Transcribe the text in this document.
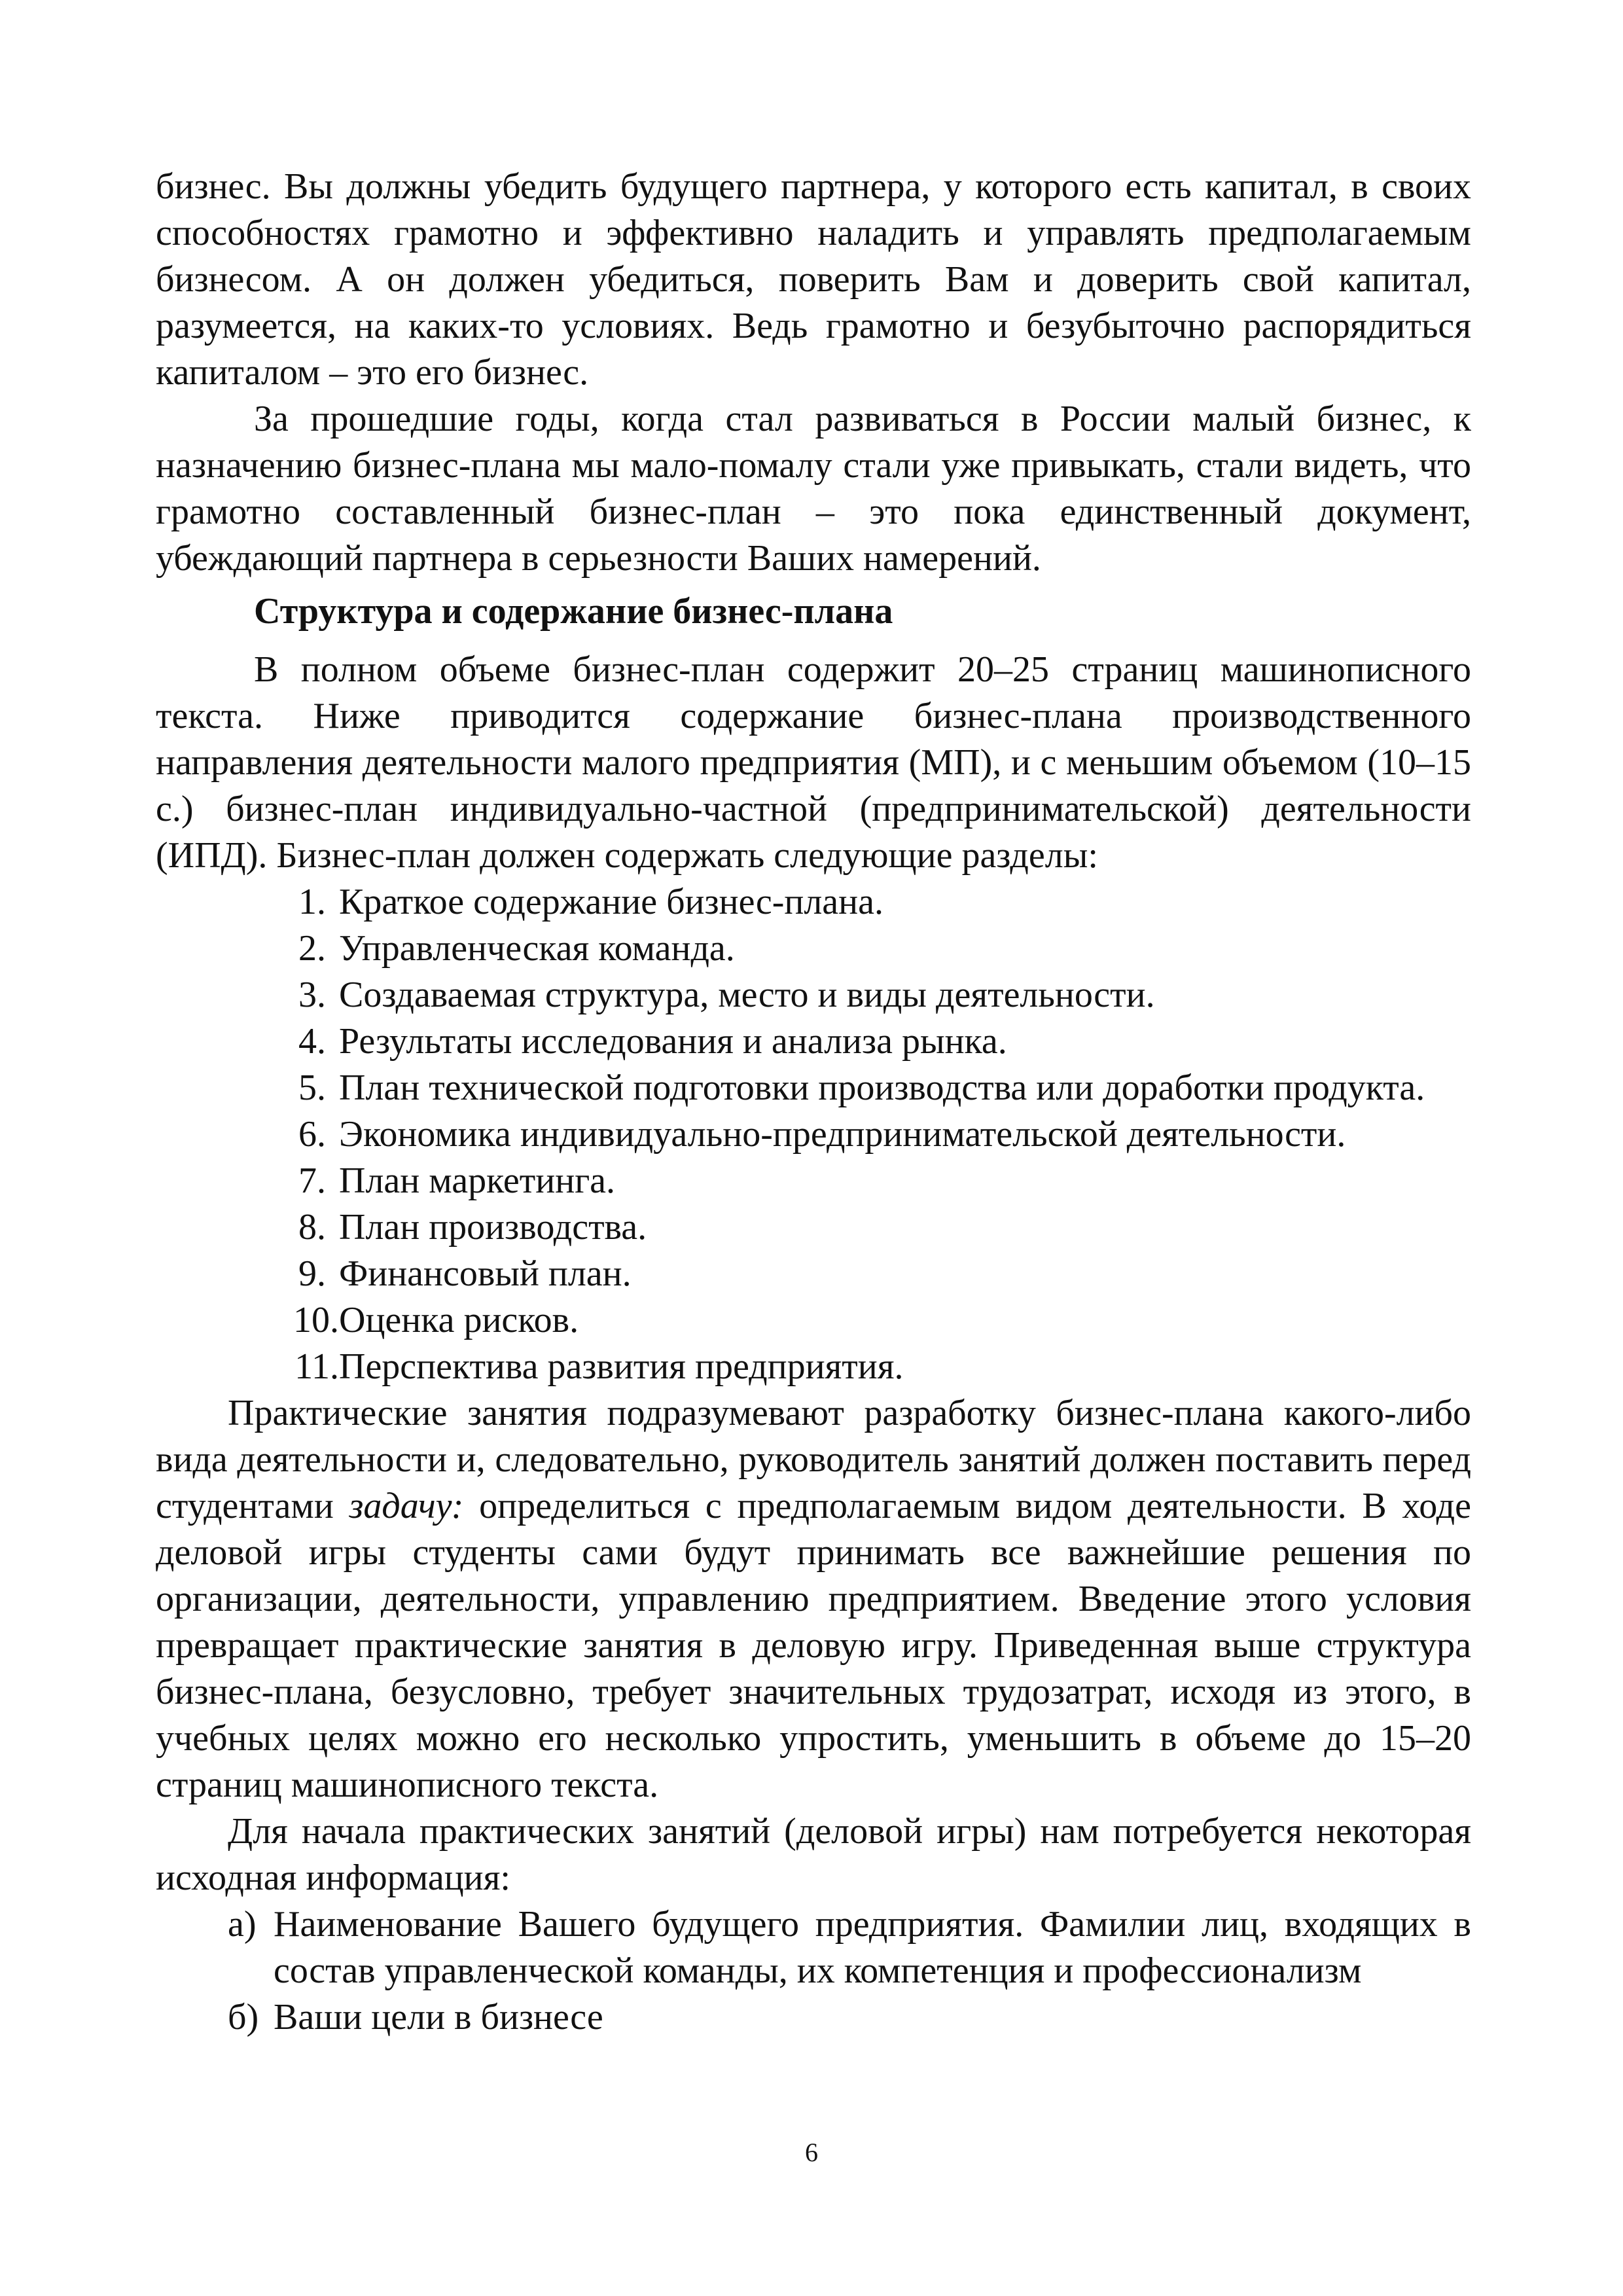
бизнес. Вы должны убедить будущего партнера, у которого есть капитал, в своих способностях грамотно и эффективно наладить и управлять предполагаемым бизнесом. А он должен убедиться, поверить Вам и доверить свой капитал, разумеется, на каких-то условиях. Ведь грамотно и безубыточно распорядиться капиталом – это его бизнес.

За прошедшие годы, когда стал развиваться в России малый бизнес, к назначению бизнес-плана мы мало-помалу стали уже привыкать, стали видеть, что грамотно составленный бизнес-план – это пока единственный документ, убеждающий партнера в серьезности Ваших намерений.

Структура и содержание бизнес-плана

В полном объеме бизнес-план содержит 20–25 страниц машинописного текста. Ниже приводится содержание бизнес-плана производственного направления деятельности малого предприятия (МП), и с меньшим объемом (10–15 с.) бизнес-план индивидуально-частной (предпринимательской) деятельности (ИПД). Бизнес-план должен содержать следующие разделы:

1. Краткое содержание бизнес-плана.
2. Управленческая команда.
3. Создаваемая структура, место и виды деятельности.
4. Результаты исследования и анализа рынка.
5. План технической подготовки производства или доработки продукта.
6. Экономика индивидуально-предпринимательской деятельности.
7. План маркетинга.
8. План производства.
9. Финансовый план.
10. Оценка рисков.
11. Перспектива развития предприятия.

Практические занятия подразумевают разработку бизнес-плана какого-либо вида деятельности и, следовательно, руководитель занятий должен поставить перед студентами задачу: определиться с предполагаемым видом деятельности. В ходе деловой игры студенты сами будут принимать все важнейшие решения по организации, деятельности, управлению предприятием. Введение этого условия превращает практические занятия в деловую игру. Приведенная выше структура бизнес-плана, безусловно, требует значительных трудозатрат, исходя из этого, в учебных целях можно его несколько упростить, уменьшить в объеме до 15–20 страниц машинописного текста.

Для начала практических занятий (деловой игры) нам потребуется некоторая исходная информация:

а) Наименование Вашего будущего предприятия. Фамилии лиц, входящих в состав управленческой команды, их компетенция и профессионализм
б) Ваши цели в бизнесе
6
